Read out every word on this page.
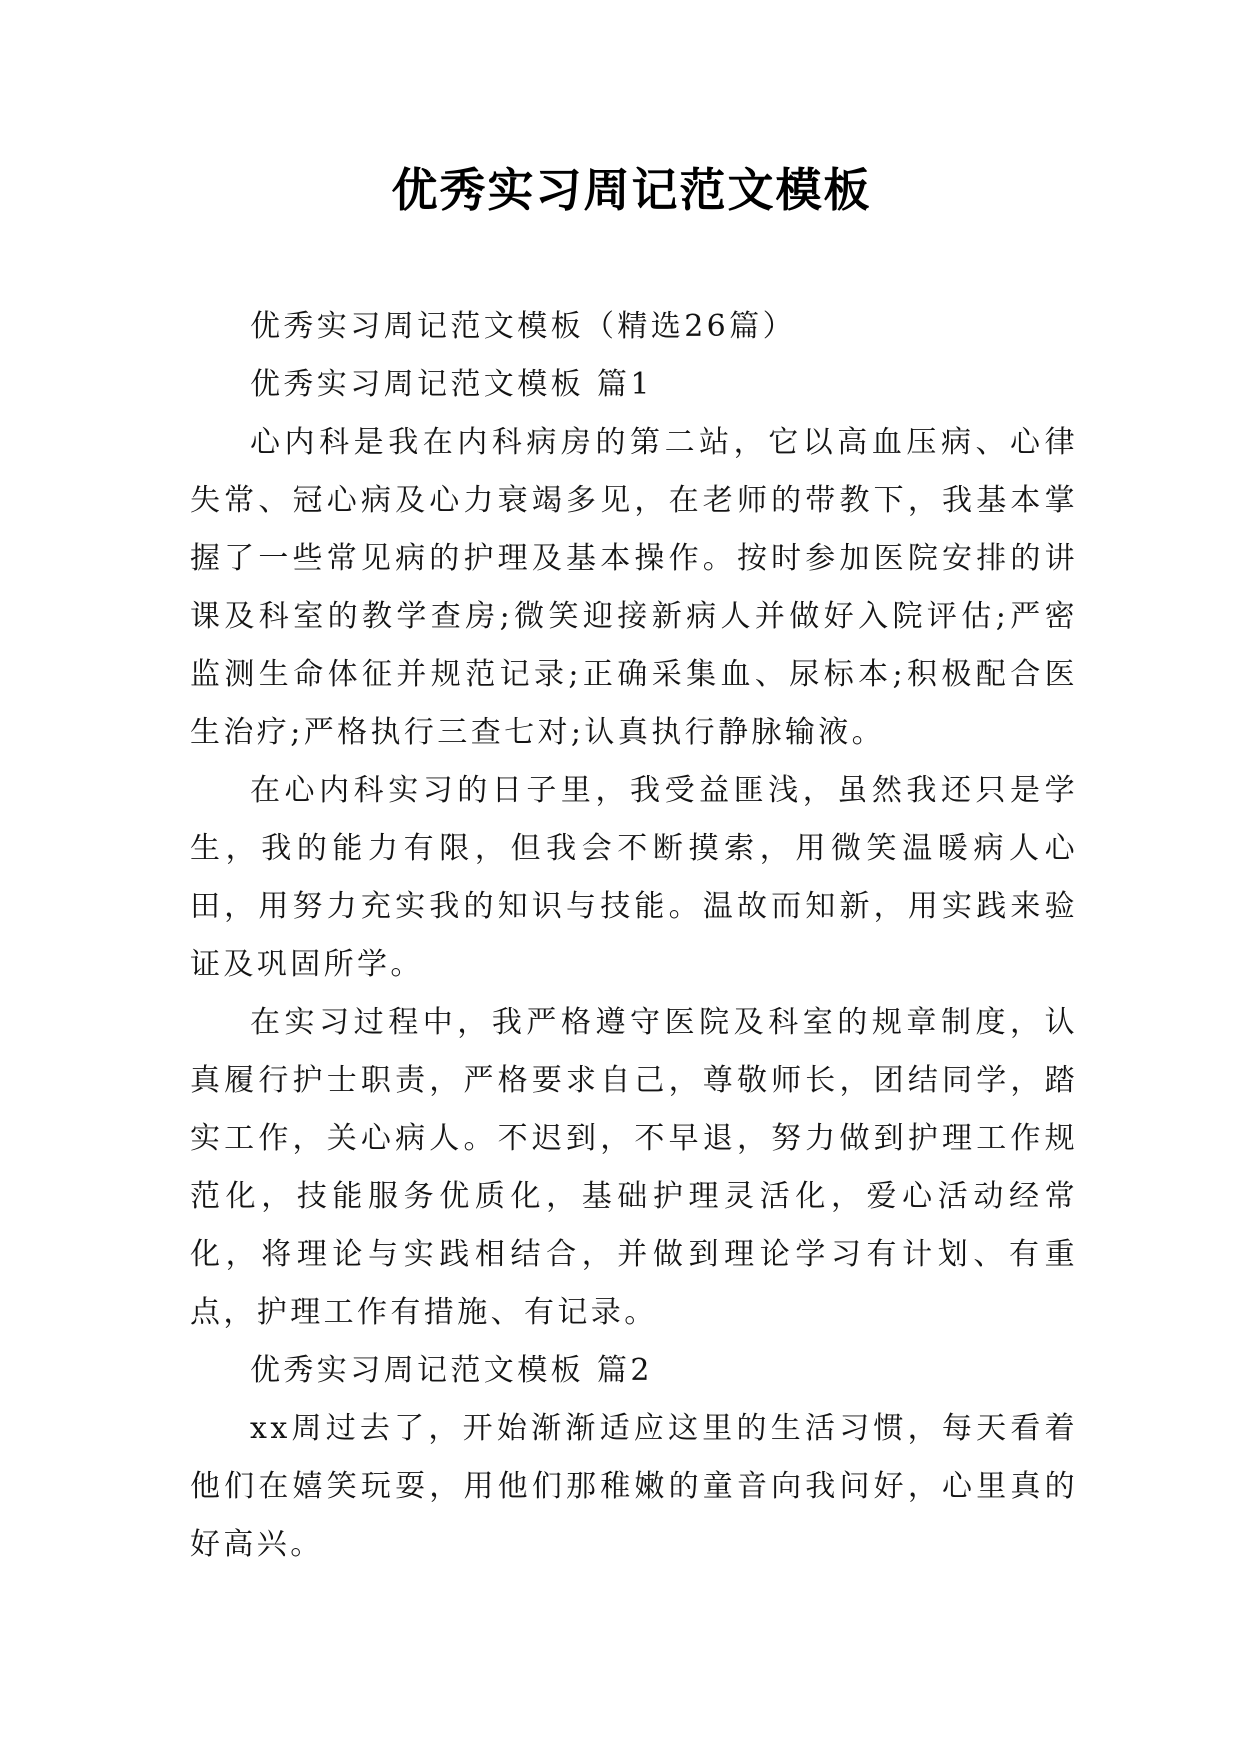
优秀实习周记范文模板

优秀实习周记范文模板（精选26篇）

优秀实习周记范文模板 篇1

心内科是我在内科病房的第二站，它以高血压病、心律失常、冠心病及心力衰竭多见，在老师的带教下，我基本掌握了一些常见病的护理及基本操作。按时参加医院安排的讲课及科室的教学查房;微笑迎接新病人并做好入院评估;严密监测生命体征并规范记录;正确采集血、尿标本;积极配合医生治疗;严格执行三查七对;认真执行静脉输液。

在心内科实习的日子里，我受益匪浅，虽然我还只是学生，我的能力有限，但我会不断摸索，用微笑温暖病人心田，用努力充实我的知识与技能。温故而知新，用实践来验证及巩固所学。

在实习过程中，我严格遵守医院及科室的规章制度，认真履行护士职责，严格要求自己，尊敬师长，团结同学，踏实工作，关心病人。不迟到，不早退，努力做到护理工作规范化，技能服务优质化，基础护理灵活化，爱心活动经常化，将理论与实践相结合，并做到理论学习有计划、有重点，护理工作有措施、有记录。

优秀实习周记范文模板 篇2

xx周过去了，开始渐渐适应这里的生活习惯，每天看着他们在嬉笑玩耍，用他们那稚嫩的童音向我问好，心里真的好高兴。
